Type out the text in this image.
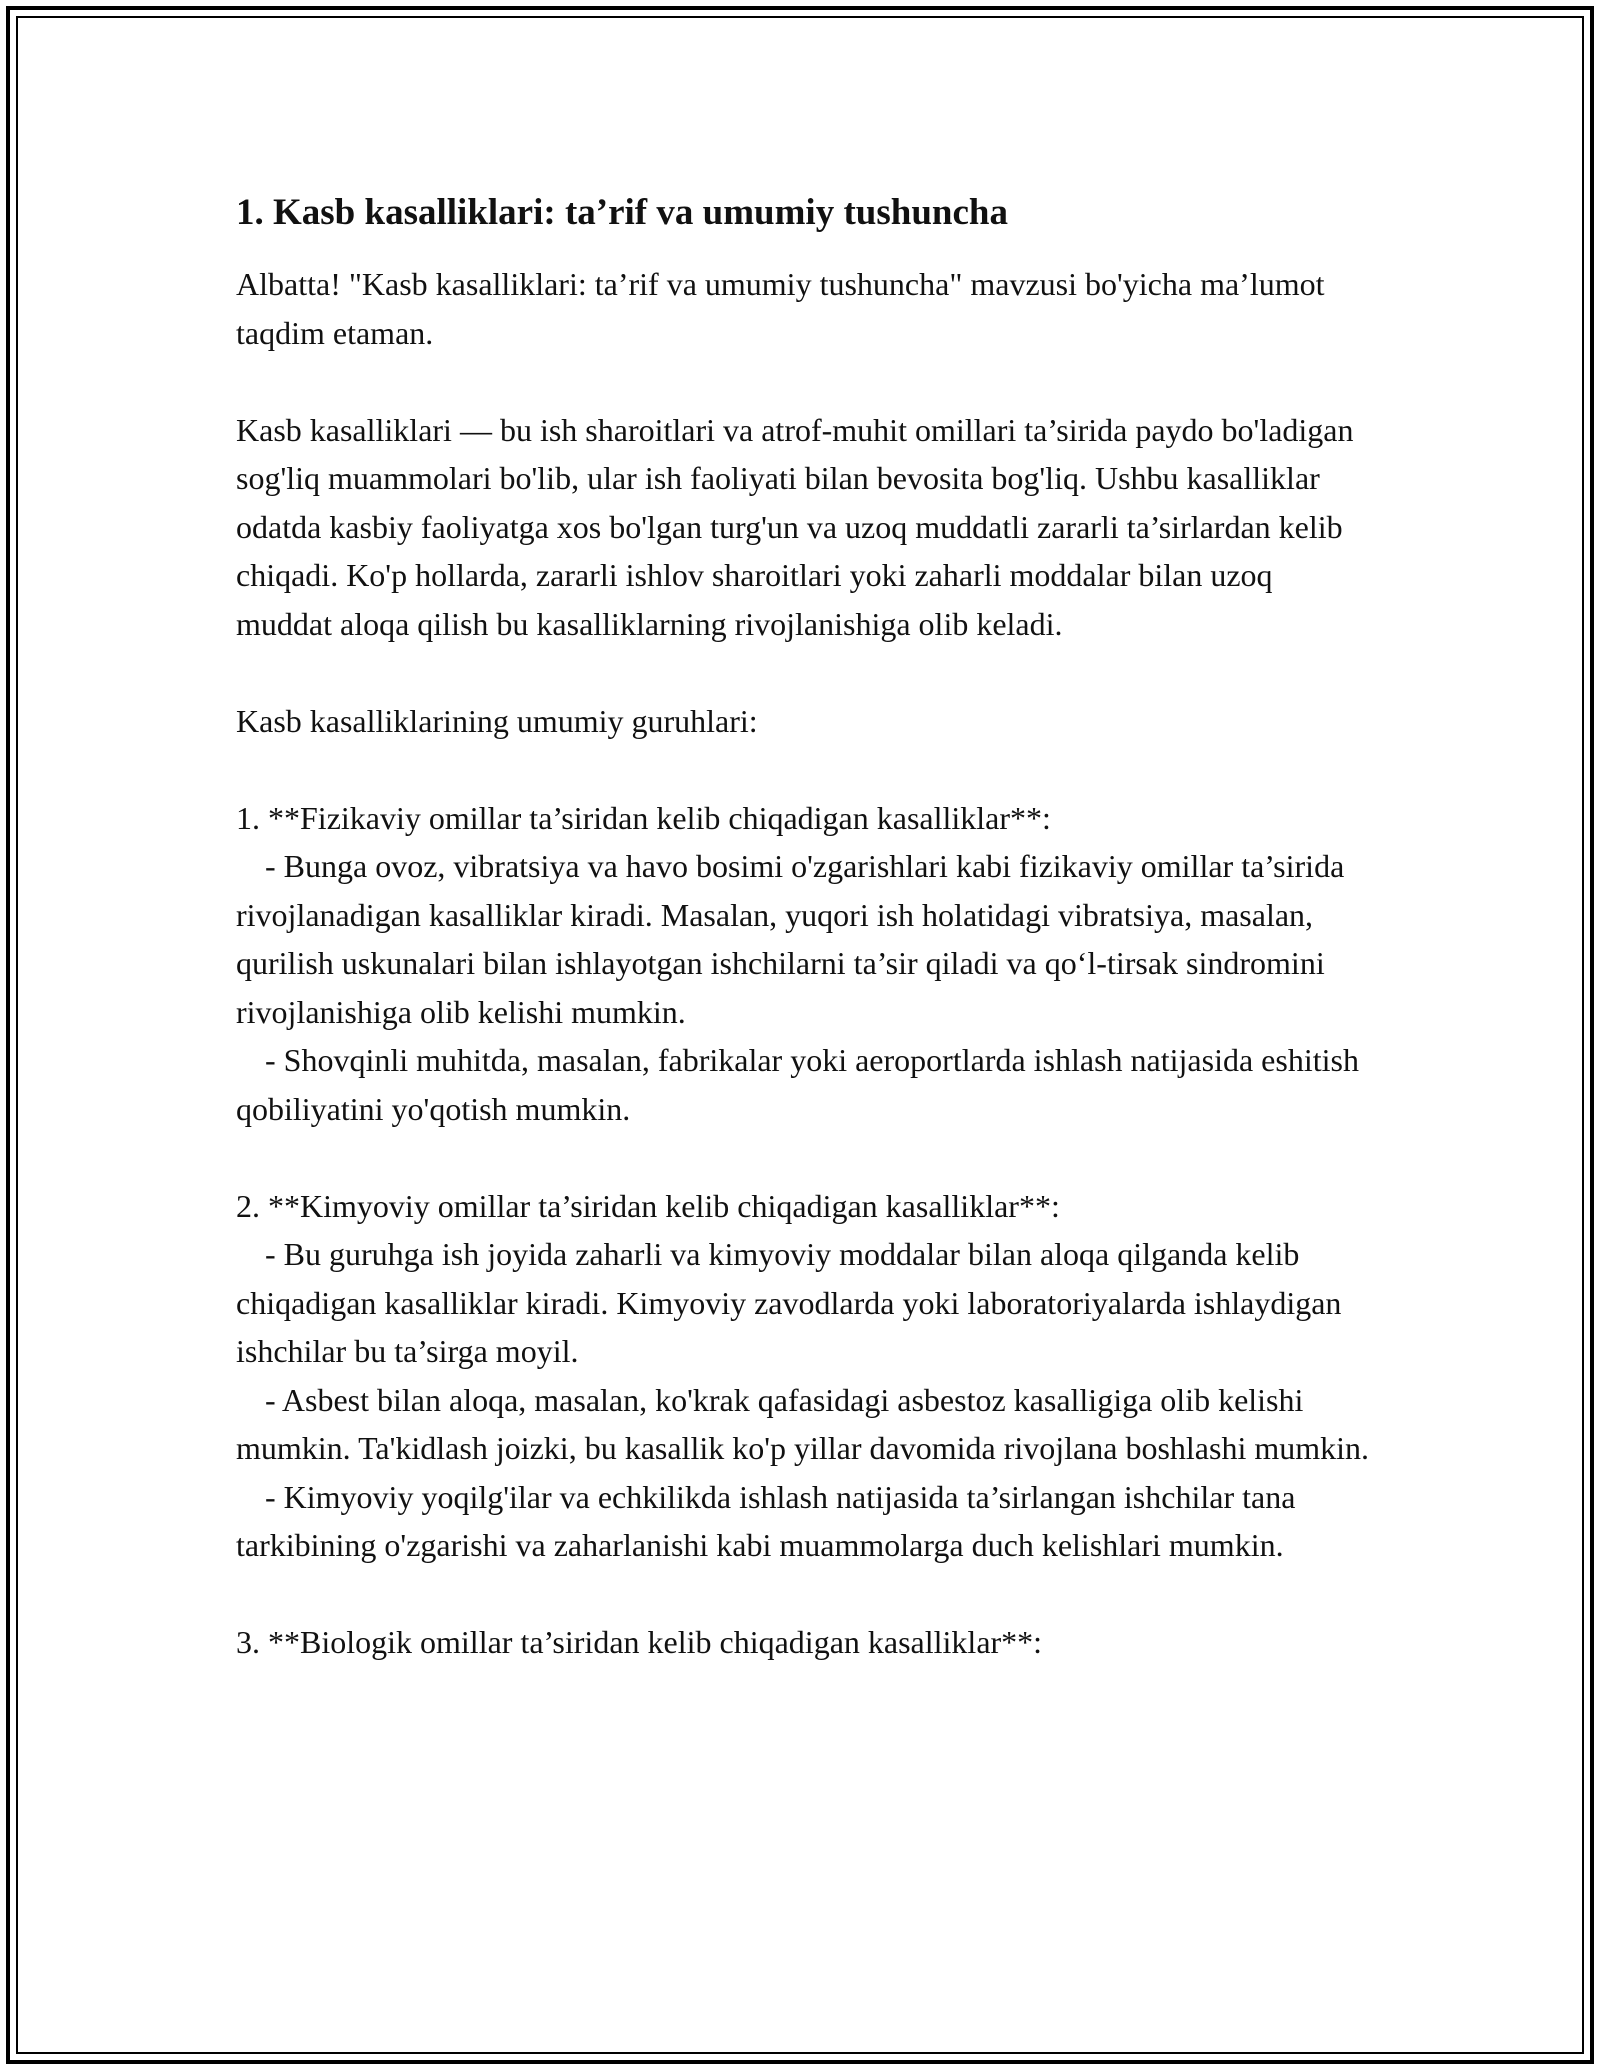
1. Kasb kasalliklari: ta’rif va umumiy tushuncha

Albatta! "Kasb kasalliklari: ta’rif va umumiy tushuncha" mavzusi bo'yicha ma’lumot taqdim etaman.

Kasb kasalliklari — bu ish sharoitlari va atrof-muhit omillari ta’sirida paydo bo'ladigan sog'liq muammolari bo'lib, ular ish faoliyati bilan bevosita bog'liq. Ushbu kasalliklar odatda kasbiy faoliyatga xos bo'lgan turg'un va uzoq muddatli zararli ta’sirlardan kelib chiqadi. Ko'p hollarda, zararli ishlov sharoitlari yoki zaharli moddalar bilan uzoq muddat aloqa qilish bu kasalliklarning rivojlanishiga olib keladi.

Kasb kasalliklarining umumiy guruhlari:

1. **Fizikaviy omillar ta’siridan kelib chiqadigan kasalliklar**:

- Bunga ovoz, vibratsiya va havo bosimi o'zgarishlari kabi fizikaviy omillar ta’sirida rivojlanadigan kasalliklar kiradi. Masalan, yuqori ish holatidagi vibratsiya, masalan, qurilish uskunalari bilan ishlayotgan ishchilarni ta’sir qiladi va qo‘l-tirsak sindromini rivojlanishiga olib kelishi mumkin.

- Shovqinli muhitda, masalan, fabrikalar yoki aeroportlarda ishlash natijasida eshitish qobiliyatini yo'qotish mumkin.

2. **Kimyoviy omillar ta’siridan kelib chiqadigan kasalliklar**:

- Bu guruhga ish joyida zaharli va kimyoviy moddalar bilan aloqa qilganda kelib chiqadigan kasalliklar kiradi. Kimyoviy zavodlarda yoki laboratoriyalarda ishlaydigan ishchilar bu ta’sirga moyil.

- Asbest bilan aloqa, masalan, ko'krak qafasidagi asbestoz kasalligiga olib kelishi mumkin. Ta'kidlash joizki, bu kasallik ko'p yillar davomida rivojlana boshlashi mumkin.

- Kimyoviy yoqilg'ilar va echkilikda ishlash natijasida ta’sirlangan ishchilar tana tarkibining o'zgarishi va zaharlanishi kabi muammolarga duch kelishlari mumkin.

3. **Biologik omillar ta’siridan kelib chiqadigan kasalliklar**:
